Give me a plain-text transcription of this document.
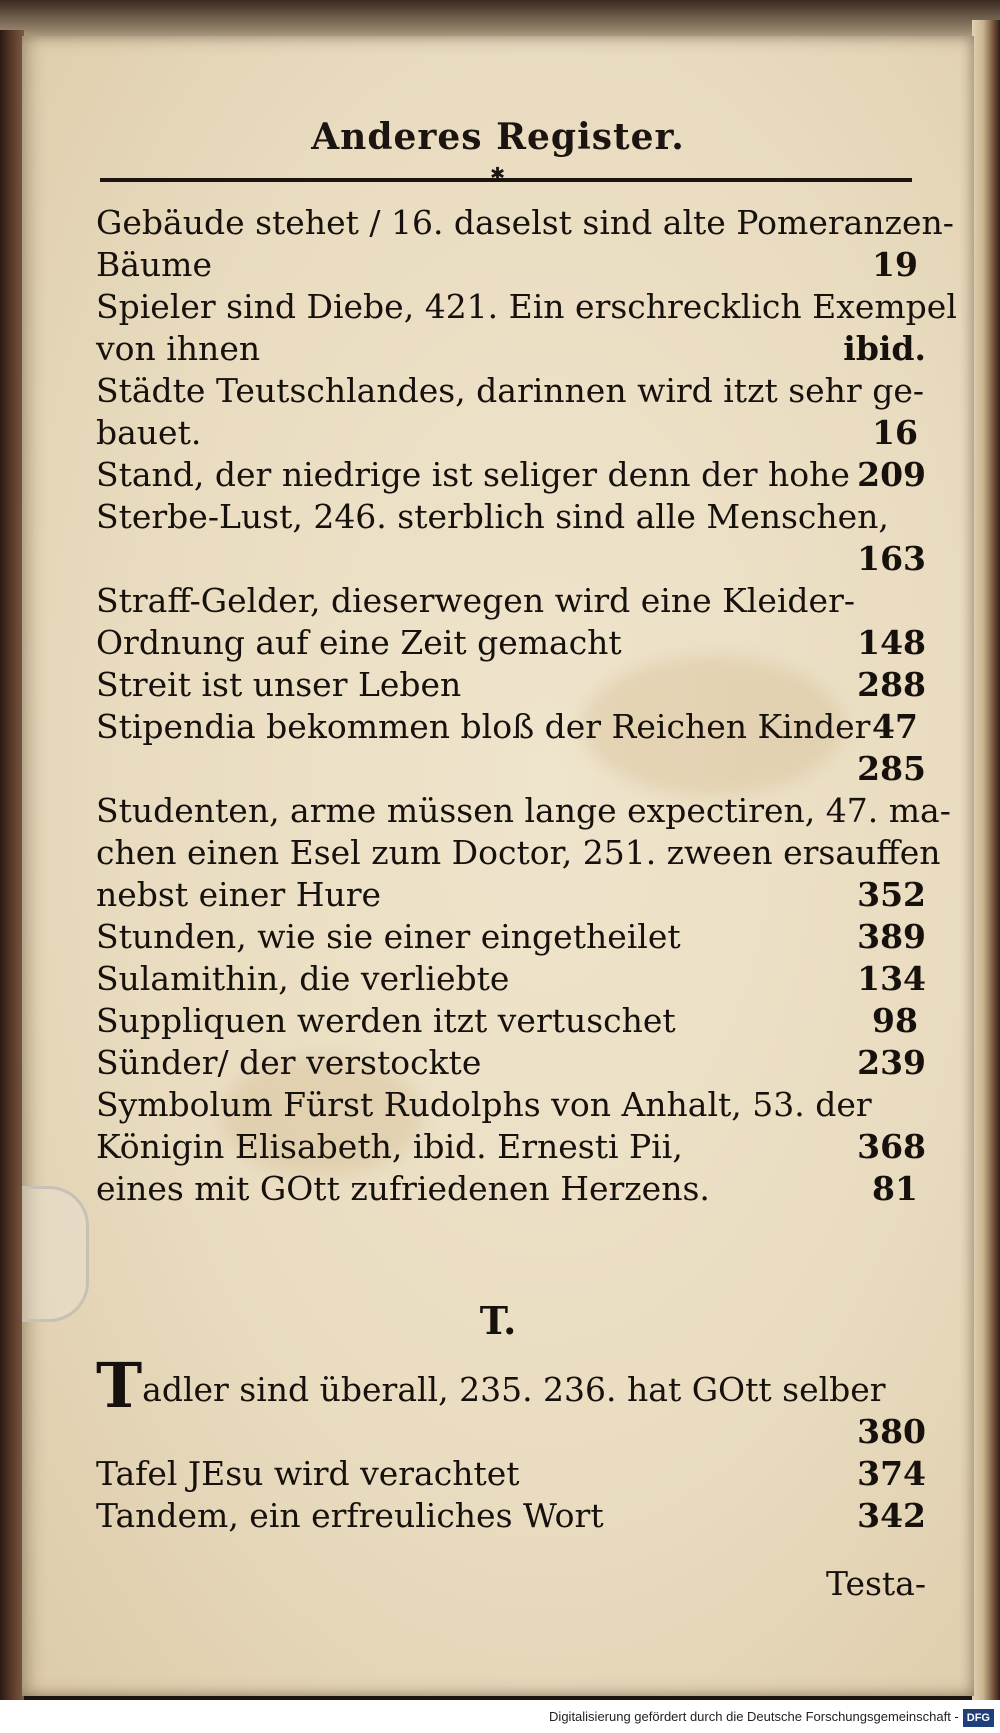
Anderes Register.
✱
Gebäude stehet / 16. daselst sind alte Pomeranzen-
Bäume	19
Spieler sind Diebe, 421. Ein erschrecklich Exempel
von ihnen	ibid.
Städte Teutschlandes, darinnen wird itzt sehr ge-
bauet.	16
Stand, der niedrige ist seliger denn der hohe 209
Sterbe-Lust, 246. sterblich sind alle Menschen,
163
Straff-Gelder, dieserwegen wird eine Kleider-
Ordnung auf eine Zeit gemacht	148
Streit ist unser Leben	288
Stipendia bekommen bloß der Reichen Kinder 47
285
Studenten, arme müssen lange expectiren, 47. ma-
chen einen Esel zum Doctor, 251. zween ersauffen
nebst einer Hure	352
Stunden, wie sie einer eingetheilet	389
Sulamithin, die verliebte	134
Suppliquen werden itzt vertuschet	98
Sünder/ der verstockte	239
Symbolum Fürst Rudolphs von Anhalt, 53. der
Königin Elisabeth, ibid. Ernesti Pii,	368
eines mit GOtt zufriedenen Herzens.	81
T.
Tadler sind überall, 235. 236. hat GOtt selber
380
Tafel JEsu wird verachtet	374
Tandem, ein erfreuliches Wort	342
Testa-
Digitalisierung gefördert durch die Deutsche Forschungsgemeinschaft - DFG
